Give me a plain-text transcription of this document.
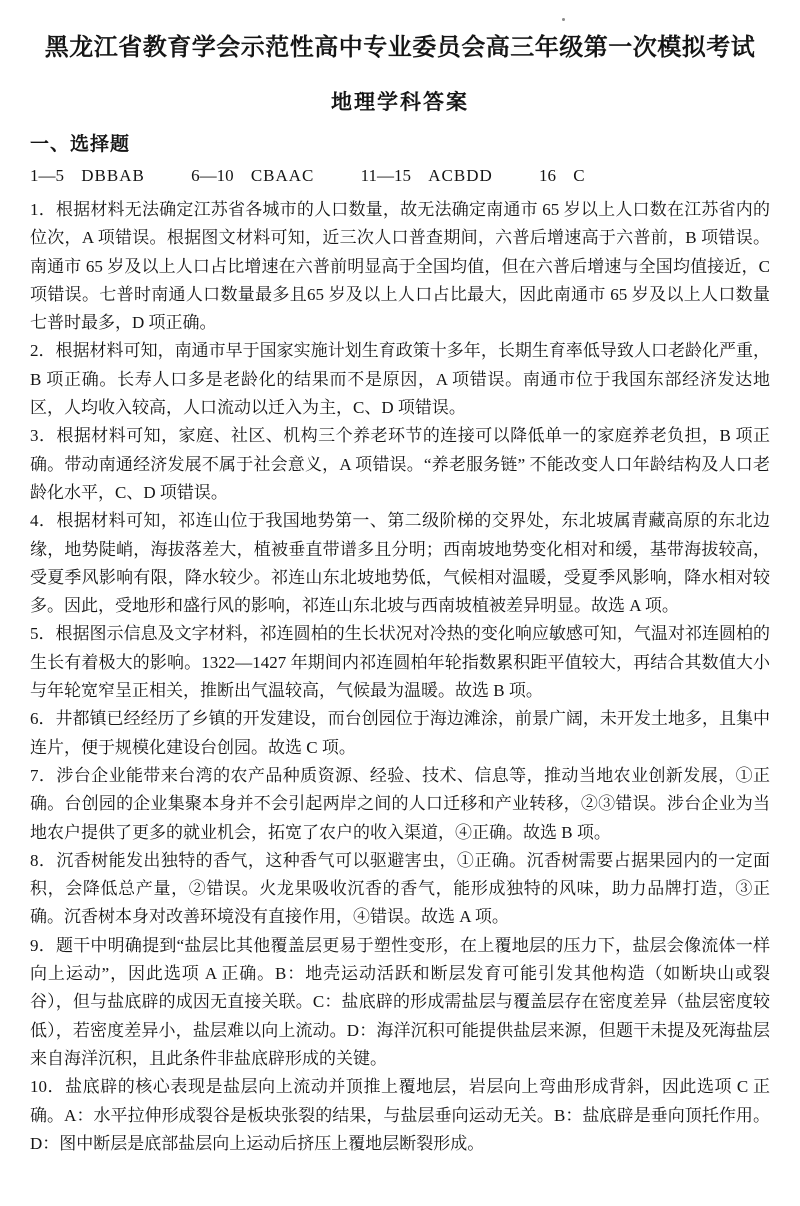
黑龙江省教育学会示范性高中专业委员会高三年级第一次模拟考试
地理学科答案
一、选择题
1—5 DBBAB	6—10 CBAAC	11—15 ACBDD	16 C

1．根据材料无法确定江苏省各城市的人口数量，故无法确定南通市 65 岁以上人口数在江苏省内的位次，A 项错误。根据图文材料可知，近三次人口普查期间，六普后增速高于六普前，B 项错误。南通市 65 岁及以上人口占比增速在六普前明显高于全国均值，但在六普后增速与全国均值接近，C 项错误。七普时南通人口数量最多且65 岁及以上人口占比最大，因此南通市 65 岁及以上人口数量七普时最多，D 项正确。

2．根据材料可知，南通市早于国家实施计划生育政策十多年，长期生育率低导致人口老龄化严重，B 项正确。长寿人口多是老龄化的结果而不是原因，A 项错误。南通市位于我国东部经济发达地区，人均收入较高，人口流动以迁入为主，C、D 项错误。

3．根据材料可知，家庭、社区、机构三个养老环节的连接可以降低单一的家庭养老负担，B 项正确。带动南通经济发展不属于社会意义，A 项错误。“养老服务链” 不能改变人口年龄结构及人口老龄化水平，C、D 项错误。

4．根据材料可知，祁连山位于我国地势第一、第二级阶梯的交界处，东北坡属青藏高原的东北边缘，地势陡峭，海拔落差大，植被垂直带谱多且分明；西南坡地势变化相对和缓，基带海拔较高，受夏季风影响有限，降水较少。祁连山东北坡地势低，气候相对温暖，受夏季风影响，降水相对较多。因此，受地形和盛行风的影响，祁连山东北坡与西南坡植被差异明显。故选 A 项。

5．根据图示信息及文字材料，祁连圆柏的生长状况对冷热的变化响应敏感可知，气温对祁连圆柏的生长有着极大的影响。1322—1427 年期间内祁连圆柏年轮指数累积距平值较大，再结合其数值大小与年轮宽窄呈正相关，推断出气温较高，气候最为温暖。故选 B 项。

6．井都镇已经经历了乡镇的开发建设，而台创园位于海边滩涂，前景广阔，未开发土地多，且集中连片，便于规模化建设台创园。故选 C 项。

7．涉台企业能带来台湾的农产品种质资源、经验、技术、信息等，推动当地农业创新发展，①正确。台创园的企业集聚本身并不会引起两岸之间的人口迁移和产业转移，②③错误。涉台企业为当地农户提供了更多的就业机会，拓宽了农户的收入渠道，④正确。故选 B 项。

8．沉香树能发出独特的香气，这种香气可以驱避害虫，①正确。沉香树需要占据果园内的一定面积，会降低总产量，②错误。火龙果吸收沉香的香气，能形成独特的风味，助力品牌打造，③正确。沉香树本身对改善环境没有直接作用，④错误。故选 A 项。

9．题干中明确提到“盐层比其他覆盖层更易于塑性变形，在上覆地层的压力下，盐层会像流体一样向上运动”，因此选项 A 正确。B：地壳运动活跃和断层发育可能引发其他构造（如断块山或裂谷），但与盐底辟的成因无直接关联。C：盐底辟的形成需盐层与覆盖层存在密度差异（盐层密度较低），若密度差异小，盐层难以向上流动。D：海洋沉积可能提供盐层来源，但题干未提及死海盐层来自海洋沉积，且此条件非盐底辟形成的关键。

10．盐底辟的核心表现是盐层向上流动并顶推上覆地层，岩层向上弯曲形成背斜，因此选项 C 正确。A：水平拉伸形成裂谷是板块张裂的结果，与盐层垂向运动无关。B：盐底辟是垂向顶托作用。D：图中断层是底部盐层向上运动后挤压上覆地层断裂形成。
